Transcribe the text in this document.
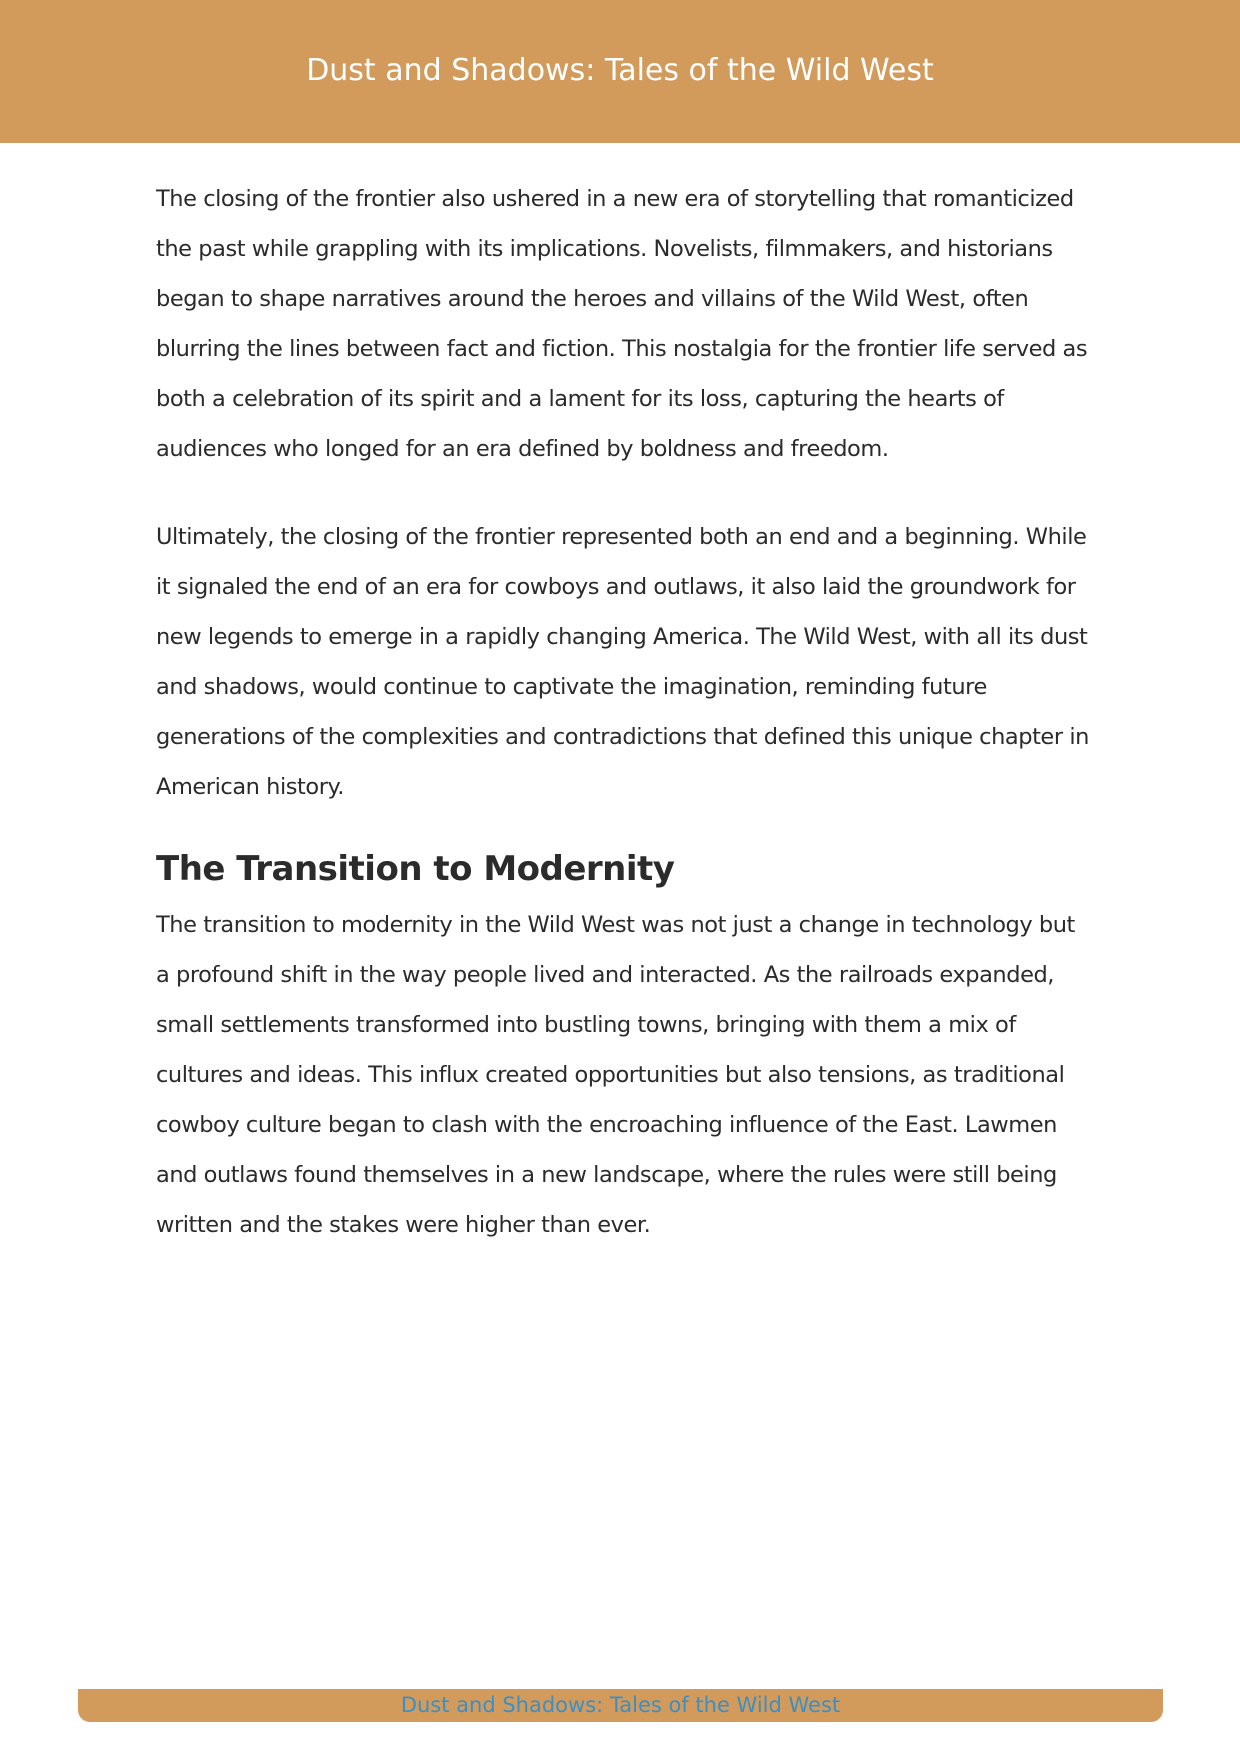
Dust and Shadows: Tales of the Wild West

The closing of the frontier also ushered in a new era of storytelling that romanticized the past while grappling with its implications. Novelists, filmmakers, and historians began to shape narratives around the heroes and villains of the Wild West, often blurring the lines between fact and fiction. This nostalgia for the frontier life served as both a celebration of its spirit and a lament for its loss, capturing the hearts of audiences who longed for an era defined by boldness and freedom.

Ultimately, the closing of the frontier represented both an end and a beginning. While it signaled the end of an era for cowboys and outlaws, it also laid the groundwork for new legends to emerge in a rapidly changing America. The Wild West, with all its dust and shadows, would continue to captivate the imagination, reminding future generations of the complexities and contradictions that defined this unique chapter in American history.

The Transition to Modernity

The transition to modernity in the Wild West was not just a change in technology but a profound shift in the way people lived and interacted. As the railroads expanded, small settlements transformed into bustling towns, bringing with them a mix of cultures and ideas. This influx created opportunities but also tensions, as traditional cowboy culture began to clash with the encroaching influence of the East. Lawmen and outlaws found themselves in a new landscape, where the rules were still being written and the stakes were higher than ever.

Dust and Shadows: Tales of the Wild West
